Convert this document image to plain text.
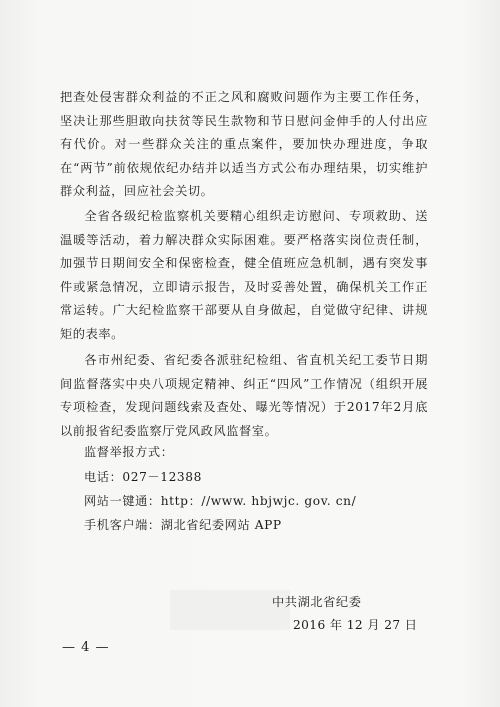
把查处侵害群众利益的不正之风和腐败问题作为主要工作任务，坚决让那些胆敢向扶贫等民生款物和节日慰问金伸手的人付出应有代价。对一些群众关注的重点案件，要加快办理进度，争取在“两节”前依规依纪办结并以适当方式公布办理结果，切实维护群众利益，回应社会关切。
全省各级纪检监察机关要精心组织走访慰问、专项救助、送温暖等活动，着力解决群众实际困难。要严格落实岗位责任制，加强节日期间安全和保密检查，健全值班应急机制，遇有突发事件或紧急情况，立即请示报告，及时妥善处置，确保机关工作正常运转。广大纪检监察干部要从自身做起，自觉做守纪律、讲规矩的表率。
各市州纪委、省纪委各派驻纪检组、省直机关纪工委节日期间监督落实中央八项规定精神、纠正“四风”工作情况（组织开展专项检查，发现问题线索及查处、曝光等情况）于2017年2月底以前报省纪委监察厅党风政风监督室。
监督举报方式：
电话：027－12388
网站一键通：http：//www. hbjwjc. gov. cn/
手机客户端：湖北省纪委网站 APP
中共湖北省纪委
2016 年 12 月 27 日
— 4 —
